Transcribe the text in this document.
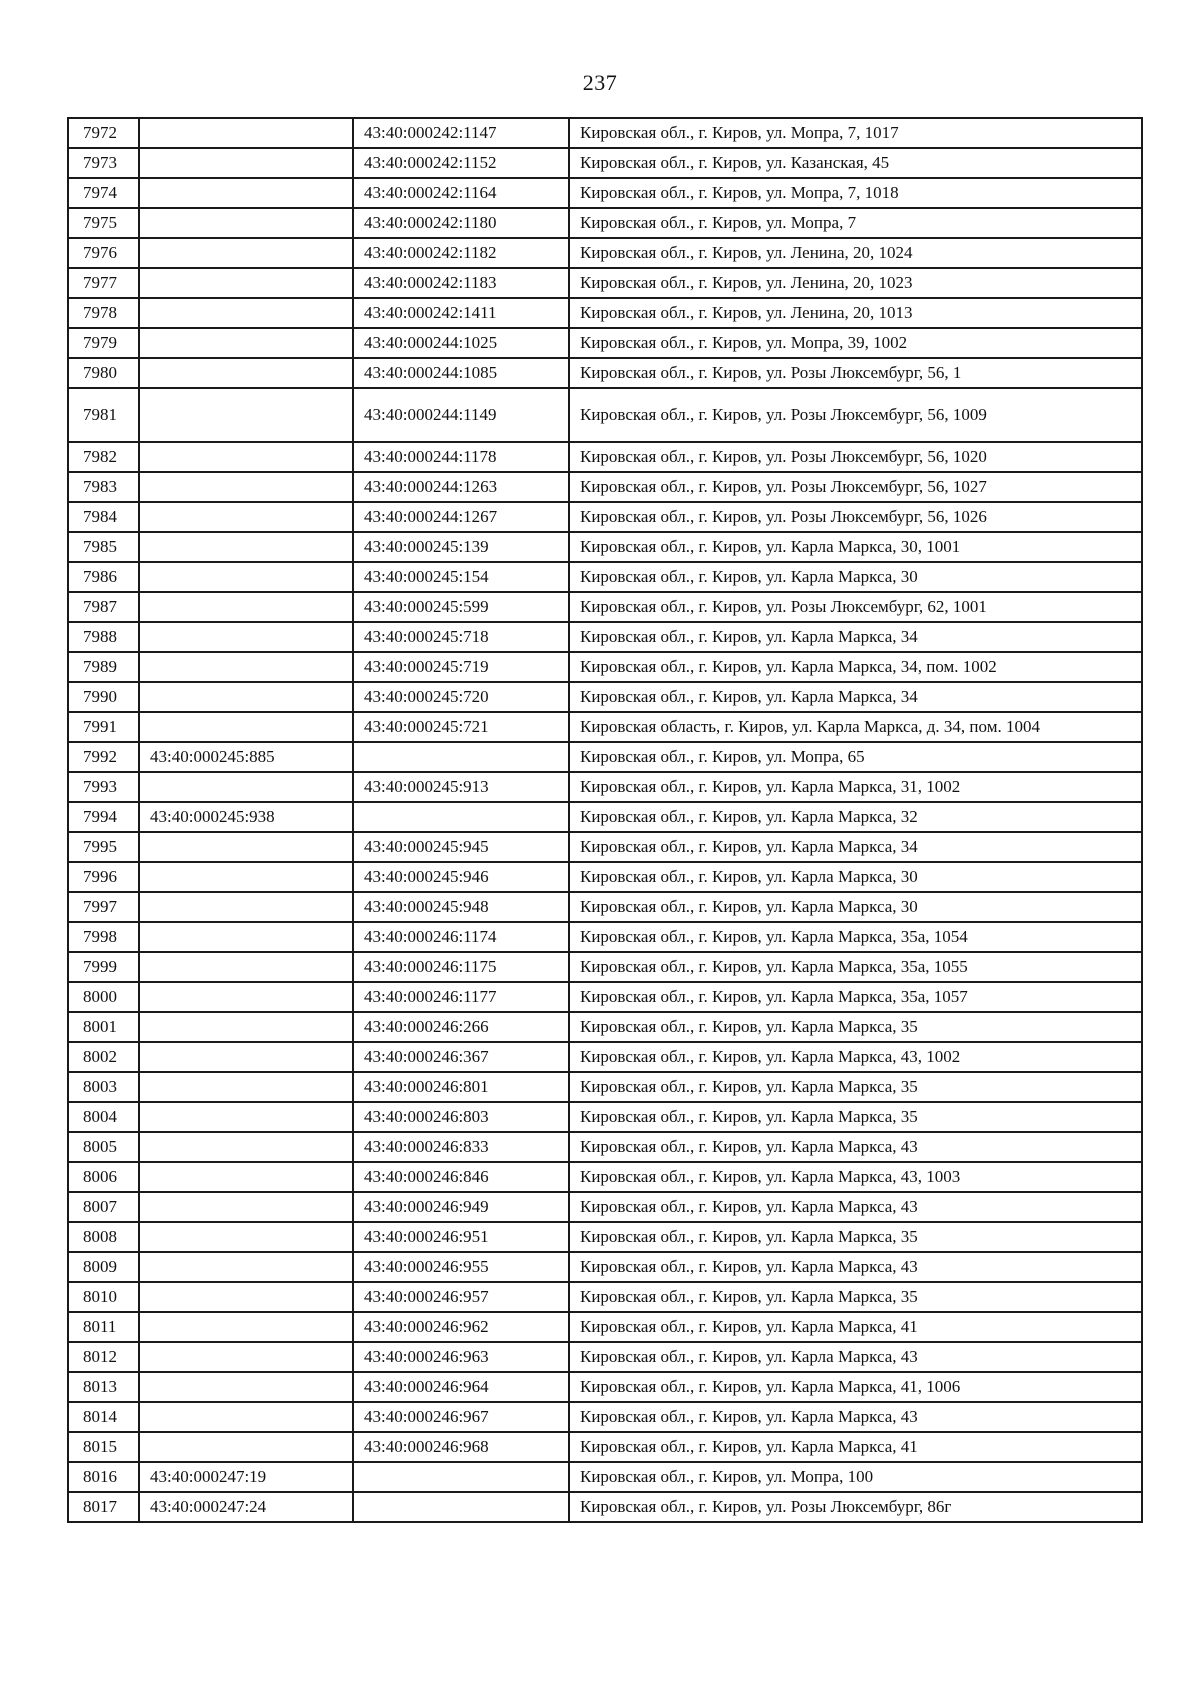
237
7972		43:40:000242:1147	Кировская обл., г. Киров, ул. Мопра, 7, 1017
7973		43:40:000242:1152	Кировская обл., г. Киров, ул. Казанская, 45
7974		43:40:000242:1164	Кировская обл., г. Киров, ул. Мопра, 7, 1018
7975		43:40:000242:1180	Кировская обл., г. Киров, ул. Мопра, 7
7976		43:40:000242:1182	Кировская обл., г. Киров, ул. Ленина, 20, 1024
7977		43:40:000242:1183	Кировская обл., г. Киров, ул. Ленина, 20, 1023
7978		43:40:000242:1411	Кировская обл., г. Киров, ул. Ленина, 20, 1013
7979		43:40:000244:1025	Кировская обл., г. Киров, ул. Мопра, 39, 1002
7980		43:40:000244:1085	Кировская обл., г. Киров, ул. Розы Люксембург, 56, 1
7981		43:40:000244:1149	Кировская обл., г. Киров, ул. Розы Люксембург, 56, 1009
7982		43:40:000244:1178	Кировская обл., г. Киров, ул. Розы Люксембург, 56, 1020
7983		43:40:000244:1263	Кировская обл., г. Киров, ул. Розы Люксембург, 56, 1027
7984		43:40:000244:1267	Кировская обл., г. Киров, ул. Розы Люксембург, 56, 1026
7985		43:40:000245:139	Кировская обл., г. Киров, ул. Карла Маркса, 30, 1001
7986		43:40:000245:154	Кировская обл., г. Киров, ул. Карла Маркса, 30
7987		43:40:000245:599	Кировская обл., г. Киров, ул. Розы Люксембург, 62, 1001
7988		43:40:000245:718	Кировская обл., г. Киров, ул. Карла Маркса, 34
7989		43:40:000245:719	Кировская обл., г. Киров, ул. Карла Маркса, 34, пом. 1002
7990		43:40:000245:720	Кировская обл., г. Киров, ул. Карла Маркса, 34
7991		43:40:000245:721	Кировская область, г. Киров, ул. Карла Маркса, д. 34, пом. 1004
7992	43:40:000245:885		Кировская обл., г. Киров, ул. Мопра, 65
7993		43:40:000245:913	Кировская обл., г. Киров, ул. Карла Маркса, 31, 1002
7994	43:40:000245:938		Кировская обл., г. Киров, ул. Карла Маркса, 32
7995		43:40:000245:945	Кировская обл., г. Киров, ул. Карла Маркса, 34
7996		43:40:000245:946	Кировская обл., г. Киров, ул. Карла Маркса, 30
7997		43:40:000245:948	Кировская обл., г. Киров, ул. Карла Маркса, 30
7998		43:40:000246:1174	Кировская обл., г. Киров, ул. Карла Маркса, 35а, 1054
7999		43:40:000246:1175	Кировская обл., г. Киров, ул. Карла Маркса, 35а, 1055
8000		43:40:000246:1177	Кировская обл., г. Киров, ул. Карла Маркса, 35а, 1057
8001		43:40:000246:266	Кировская обл., г. Киров, ул. Карла Маркса, 35
8002		43:40:000246:367	Кировская обл., г. Киров, ул. Карла Маркса, 43, 1002
8003		43:40:000246:801	Кировская обл., г. Киров, ул. Карла Маркса, 35
8004		43:40:000246:803	Кировская обл., г. Киров, ул. Карла Маркса, 35
8005		43:40:000246:833	Кировская обл., г. Киров, ул. Карла Маркса, 43
8006		43:40:000246:846	Кировская обл., г. Киров, ул. Карла Маркса, 43, 1003
8007		43:40:000246:949	Кировская обл., г. Киров, ул. Карла Маркса, 43
8008		43:40:000246:951	Кировская обл., г. Киров, ул. Карла Маркса, 35
8009		43:40:000246:955	Кировская обл., г. Киров, ул. Карла Маркса, 43
8010		43:40:000246:957	Кировская обл., г. Киров, ул. Карла Маркса, 35
8011		43:40:000246:962	Кировская обл., г. Киров, ул. Карла Маркса, 41
8012		43:40:000246:963	Кировская обл., г. Киров, ул. Карла Маркса, 43
8013		43:40:000246:964	Кировская обл., г. Киров, ул. Карла Маркса, 41, 1006
8014		43:40:000246:967	Кировская обл., г. Киров, ул. Карла Маркса, 43
8015		43:40:000246:968	Кировская обл., г. Киров, ул. Карла Маркса, 41
8016	43:40:000247:19		Кировская обл., г. Киров, ул. Мопра, 100
8017	43:40:000247:24		Кировская обл., г. Киров, ул. Розы Люксембург, 86г
